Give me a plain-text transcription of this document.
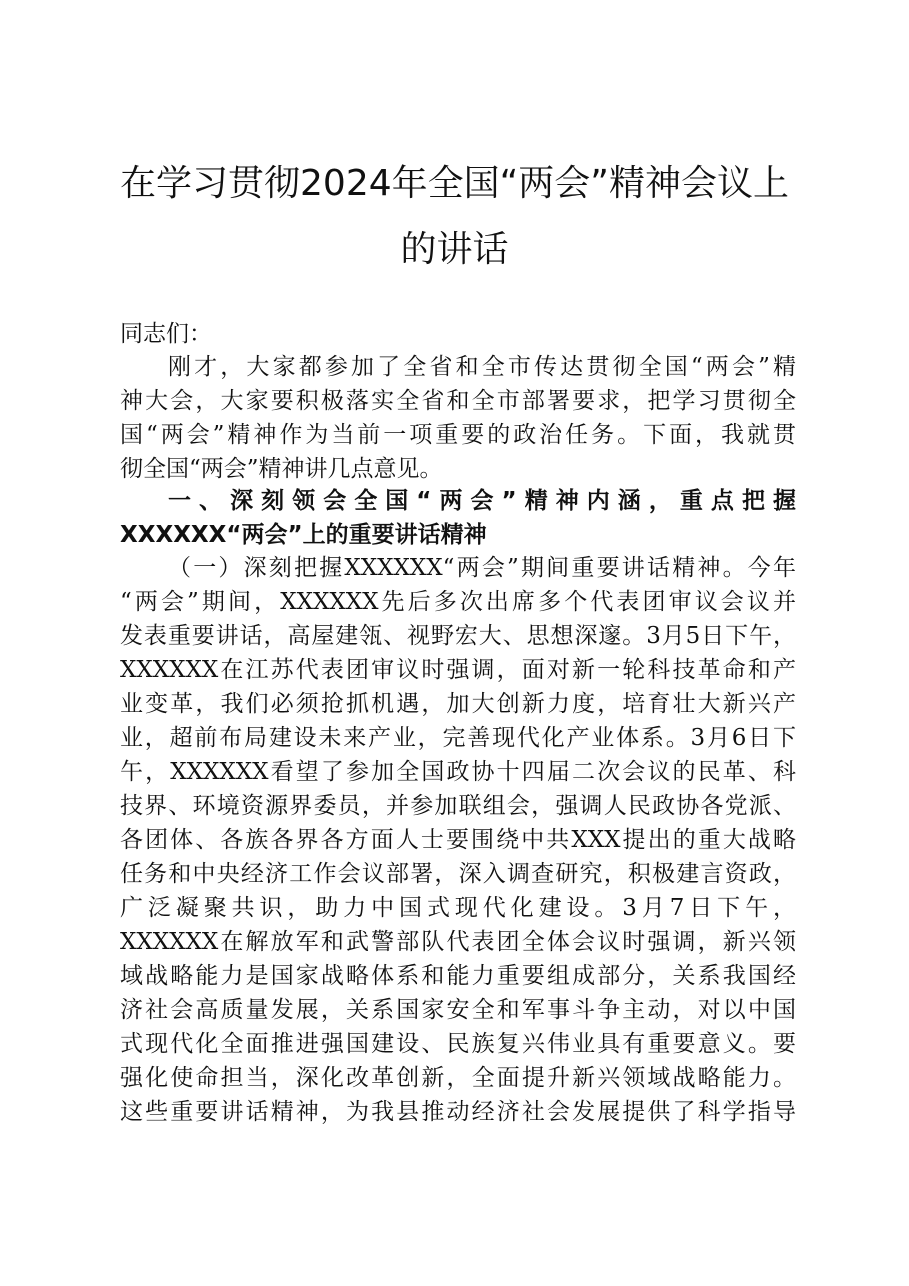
在学习贯彻2024年全国“两会”精神会议上
的讲话
同志们：
刚才，大家都参加了全省和全市传达贯彻全国“两会”精
神大会，大家要积极落实全省和全市部署要求，把学习贯彻全
国“两会”精神作为当前一项重要的政治任务。下面，我就贯
彻全国“两会”精神讲几点意见。
一、深刻领会全国“两会”精神内涵，重点把握
XXXXXX“两会”上的重要讲话精神
（一）深刻把握XXXXXX“两会”期间重要讲话精神。今年
“两会”期间，XXXXXX先后多次出席多个代表团审议会议并
发表重要讲话，高屋建瓴、视野宏大、思想深邃。3月5日下午，
XXXXXX在江苏代表团审议时强调，面对新一轮科技革命和产
业变革，我们必须抢抓机遇，加大创新力度，培育壮大新兴产
业，超前布局建设未来产业，完善现代化产业体系。3月6日下
午，XXXXXX看望了参加全国政协十四届二次会议的民革、科
技界、环境资源界委员，并参加联组会，强调人民政协各党派、
各团体、各族各界各方面人士要围绕中共XXX提出的重大战略
任务和中央经济工作会议部署，深入调查研究，积极建言资政，
广泛凝聚共识，助力中国式现代化建设。3月7日下午，
XXXXXX在解放军和武警部队代表团全体会议时强调，新兴领
域战略能力是国家战略体系和能力重要组成部分，关系我国经
济社会高质量发展，关系国家安全和军事斗争主动，对以中国
式现代化全面推进强国建设、民族复兴伟业具有重要意义。要
强化使命担当，深化改革创新，全面提升新兴领域战略能力。
这些重要讲话精神，为我县推动经济社会发展提供了科学指导
